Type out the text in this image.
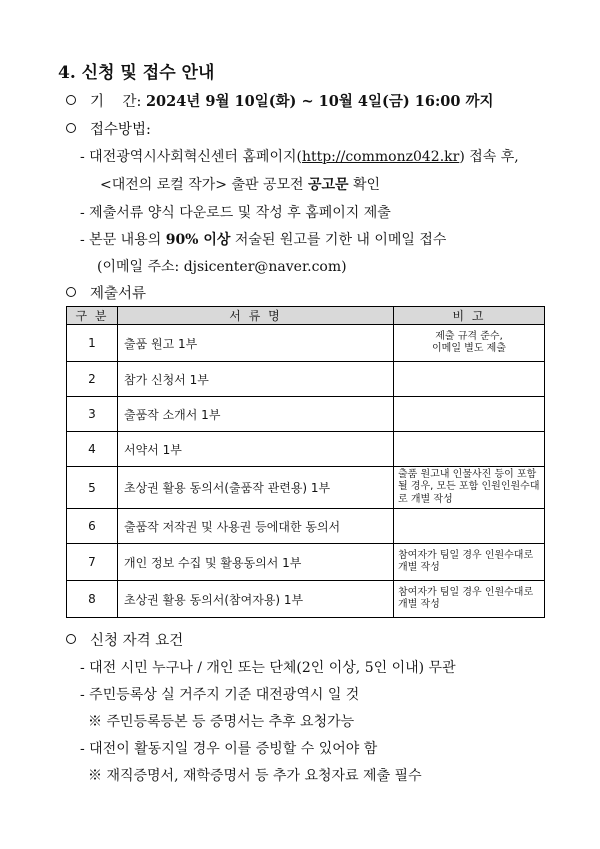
4. 신청 및 접수 안내
기    간: 2024년 9월 10일(화) ~ 10월 4일(금) 16:00 까지
접수방법:
- 대전광역시사회혁신센터 홈페이지(http://commonz042.kr) 접속 후,
<대전의 로컬 작가> 출판 공모전 공고문 확인
- 제출서류 양식 다운로드 및 작성 후 홈페이지 제출
- 본문 내용의 90% 이상 저술된 원고를 기한 내 이메일 접수
(이메일 주소: djsicenter@naver.com)
제출서류
구 분	서 류 명	비 고
1	출품 원고 1부	제출 규격 준수,
이메일 별도 제출
2	참가 신청서 1부	
3	출품작 소개서 1부	
4	서약서 1부	
5	초상권 활용 동의서(출품작 관련용) 1부	출품 원고내 인물사진 등이 포함될 경우, 모든 포함 인원인원수대로 개별 작성
6	출품작 저작권 및 사용권 등에대한 동의서	
7	개인 정보 수집 및 활용동의서 1부	참여자가 팀일 경우 인원수대로 개별 작성
8	초상권 활용 동의서(참여자용) 1부	참여자가 팀일 경우 인원수대로 개별 작성
신청 자격 요건
- 대전 시민 누구나 / 개인 또는 단체(2인 이상, 5인 이내) 무관
- 주민등록상 실 거주지 기준 대전광역시 일 것
※ 주민등록등본 등 증명서는 추후 요청가능
- 대전이 활동지일 경우 이를 증빙할 수 있어야 함
※ 재직증명서, 재학증명서 등 추가 요청자료 제출 필수
